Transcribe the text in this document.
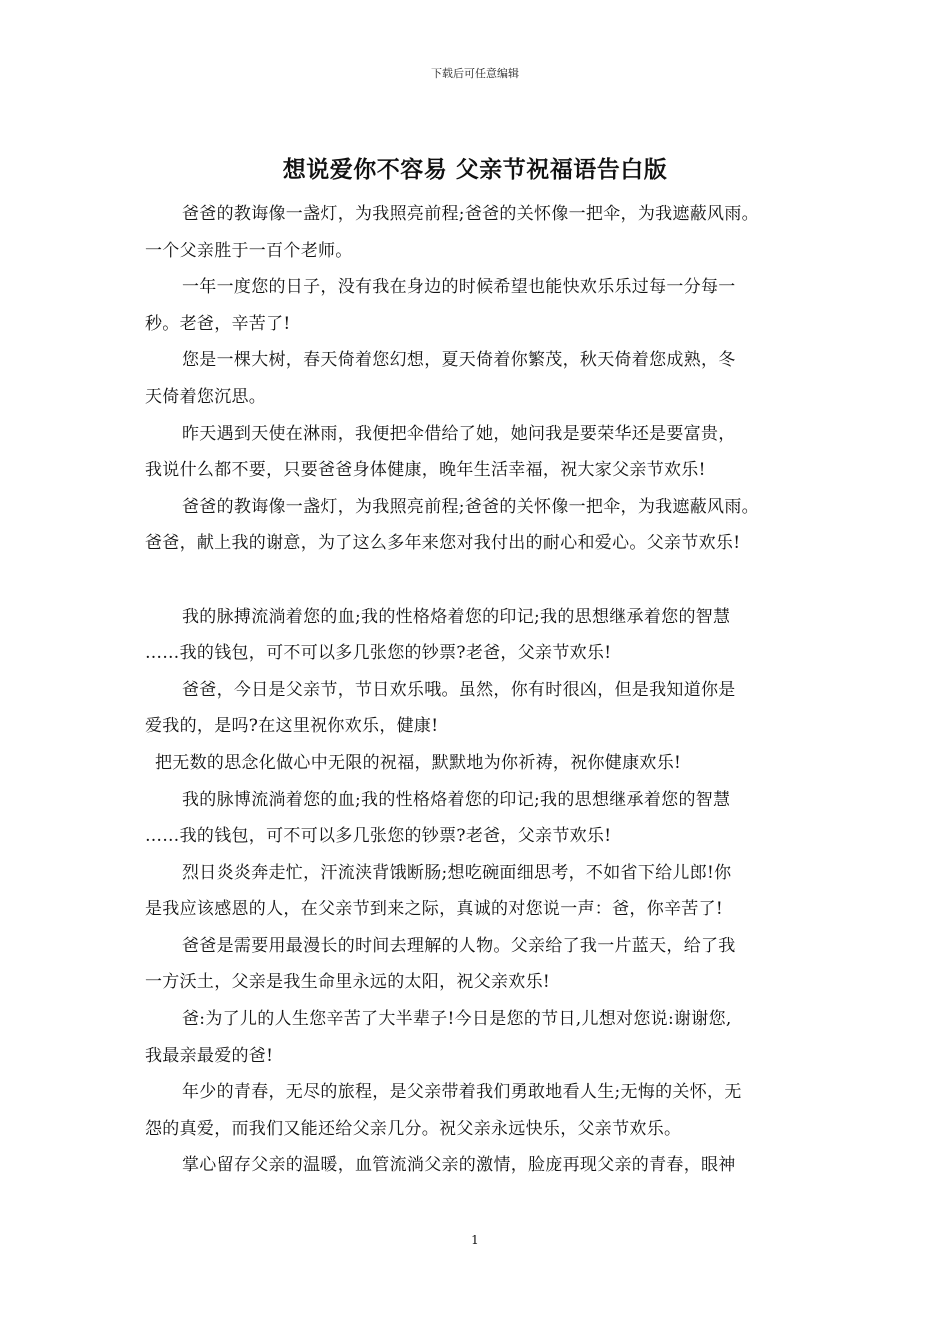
下载后可任意编辑
想说爱你不容易 父亲节祝福语告白版

爸爸的教诲像一盏灯，为我照亮前程;爸爸的关怀像一把伞，为我遮蔽风雨。
一个父亲胜于一百个老师。

一年一度您的日子，没有我在身边的时候希望也能快欢乐乐过每一分每一
秒。老爸，辛苦了!

您是一棵大树，春天倚着您幻想，夏天倚着你繁茂，秋天倚着您成熟，冬
天倚着您沉思。

昨天遇到天使在淋雨，我便把伞借给了她，她问我是要荣华还是要富贵，
我说什么都不要，只要爸爸身体健康，晚年生活幸福，祝大家父亲节欢乐!

爸爸的教诲像一盏灯，为我照亮前程;爸爸的关怀像一把伞，为我遮蔽风雨。
爸爸，献上我的谢意，为了这么多年来您对我付出的耐心和爱心。父亲节欢乐!

我的脉搏流淌着您的血;我的性格烙着您的印记;我的思想继承着您的智慧
……我的钱包，可不可以多几张您的钞票?老爸，父亲节欢乐!

爸爸，今日是父亲节，节日欢乐哦。虽然，你有时很凶，但是我知道你是
爱我的，是吗?在这里祝你欢乐，健康!

把无数的思念化做心中无限的祝福，默默地为你祈祷，祝你健康欢乐!

我的脉博流淌着您的血;我的性格烙着您的印记;我的思想继承着您的智慧
……我的钱包，可不可以多几张您的钞票?老爸，父亲节欢乐!

烈日炎炎奔走忙，汗流浃背饿断肠;想吃碗面细思考，不如省下给儿郎!你
是我应该感恩的人，在父亲节到来之际，真诚的对您说一声：爸，你辛苦了!

爸爸是需要用最漫长的时间去理解的人物。父亲给了我一片蓝天，给了我
一方沃土，父亲是我生命里永远的太阳，祝父亲欢乐!

爸:为了儿的人生您辛苦了大半辈子!今日是您的节日,儿想对您说:谢谢您,
我最亲最爱的爸!

年少的青春，无尽的旅程，是父亲带着我们勇敢地看人生;无悔的关怀，无
怨的真爱，而我们又能还给父亲几分。祝父亲永远快乐，父亲节欢乐。

掌心留存父亲的温暖，血管流淌父亲的激情，脸庞再现父亲的青春，眼神

1
